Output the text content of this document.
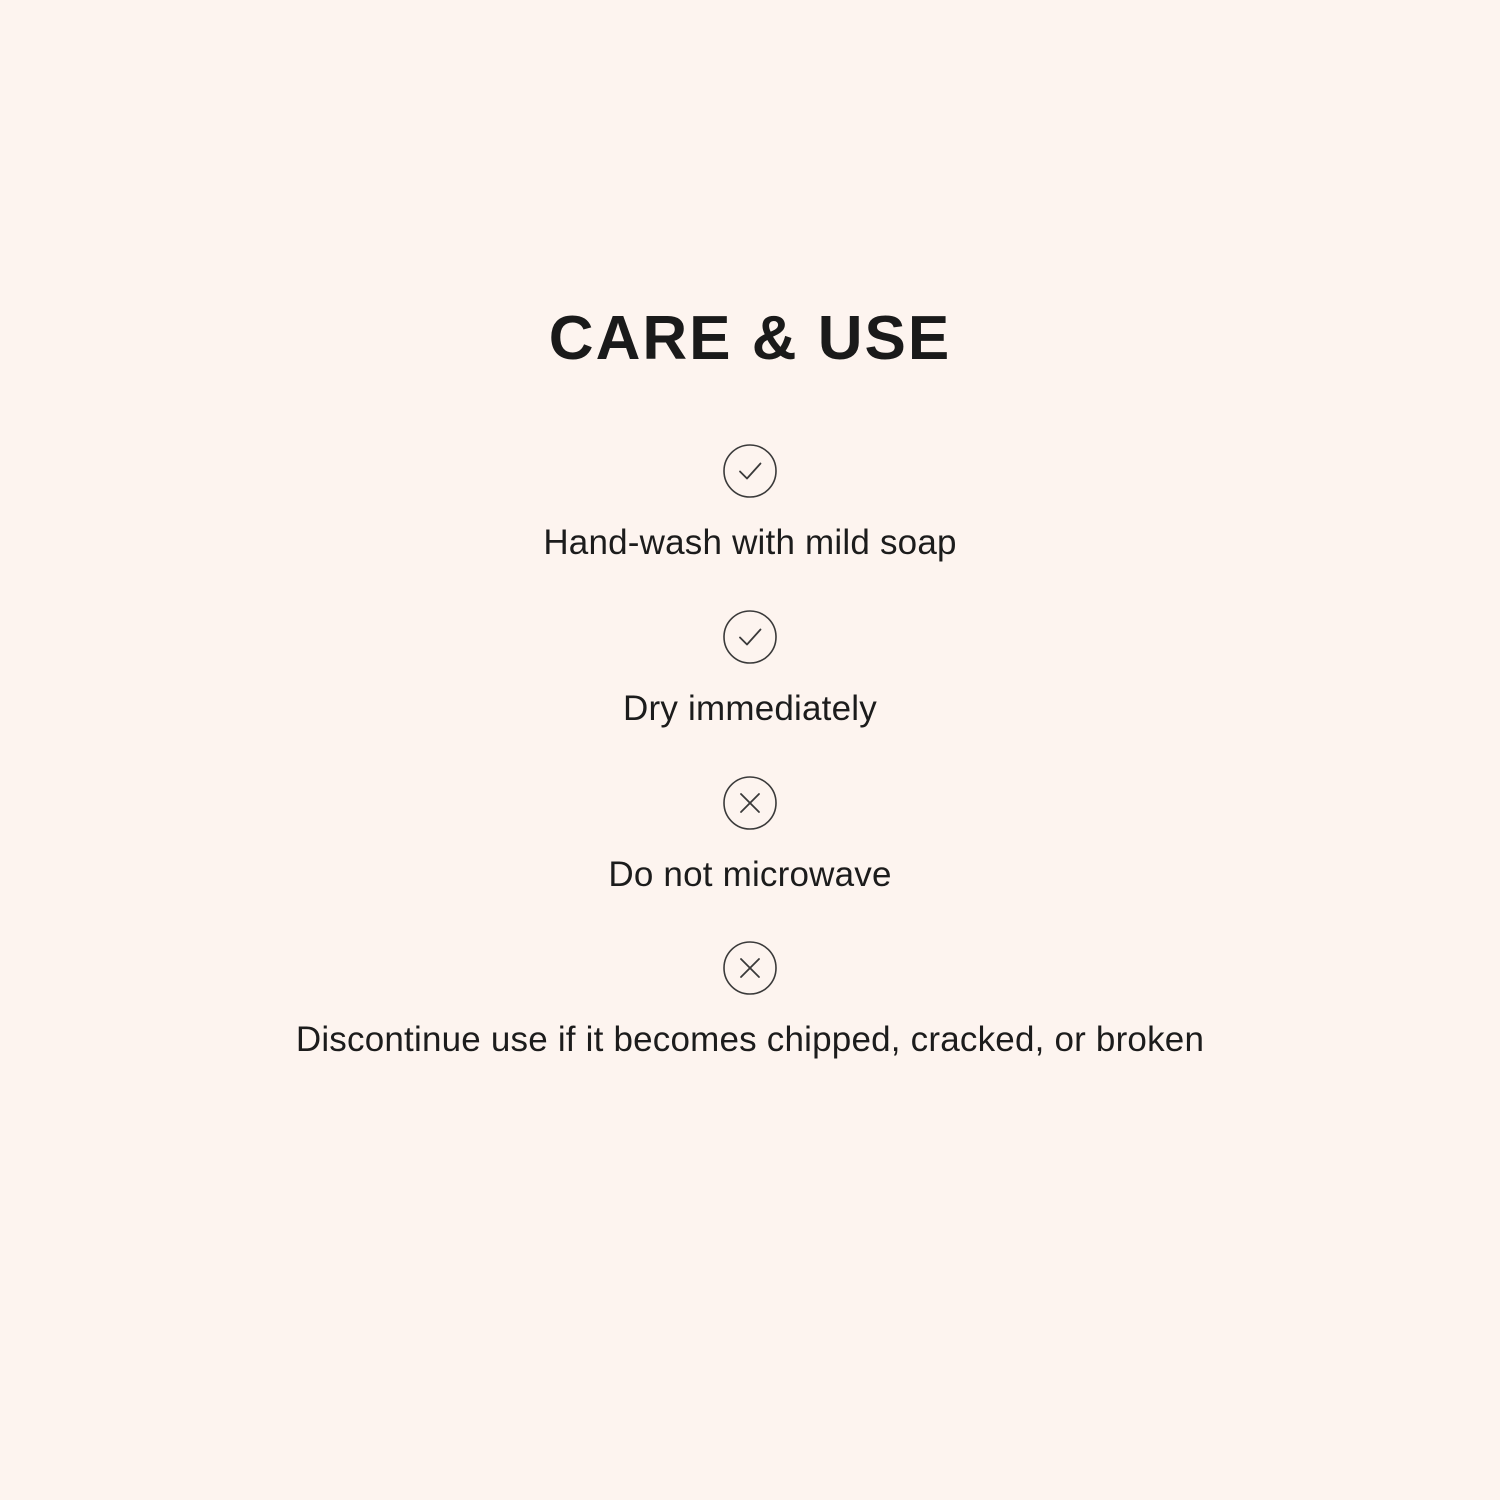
CARE & USE
Hand-wash with mild soap
Dry immediately
Do not microwave
Discontinue use if it becomes chipped, cracked, or broken
